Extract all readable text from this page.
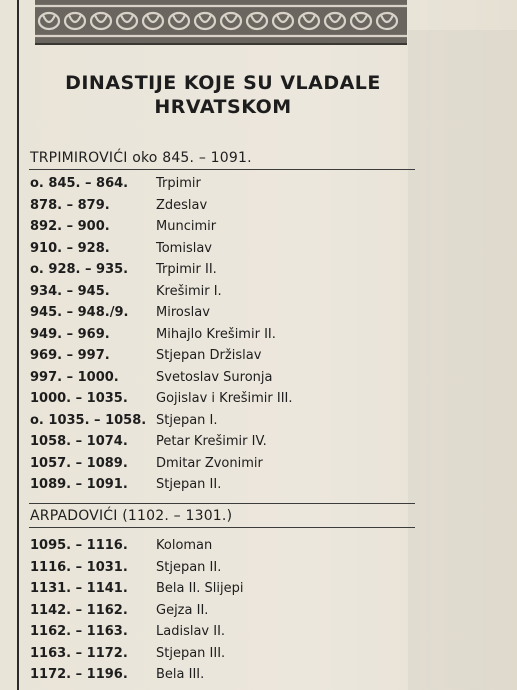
DINASTIJE KOJE SU VLADALE
HRVATSKOM
TRPIMIROVIĆI oko 845. – 1091.
o. 845. – 864. Trpimir
878. – 879.	Zdeslav
892. – 900.	Muncimir
910. – 928.	Tomislav
o. 928. – 935. Trpimir II.
934. – 945.	Krešimir I.
945. – 948./9. Miroslav
949. – 969.	Mihajlo Krešimir II.
969. – 997.	Stjepan Držislav
997. – 1000.	Svetoslav Suronja
1000. – 1035. Gojislav i Krešimir III.
o. 1035. – 1058. Stjepan I.
1058. – 1074. Petar Krešimir IV.
1057. – 1089. Dmitar Zvonimir
1089. – 1091. Stjepan II.
ARPADOVIĆI (1102. – 1301.)
1095. – 1116. Koloman
1116. – 1031. Stjepan II.
1131. – 1141. Bela II. Slijepi
1142. – 1162. Gejza II.
1162. – 1163. Ladislav II.
1163. – 1172. Stjepan III.
1172. – 1196. Bela III.
